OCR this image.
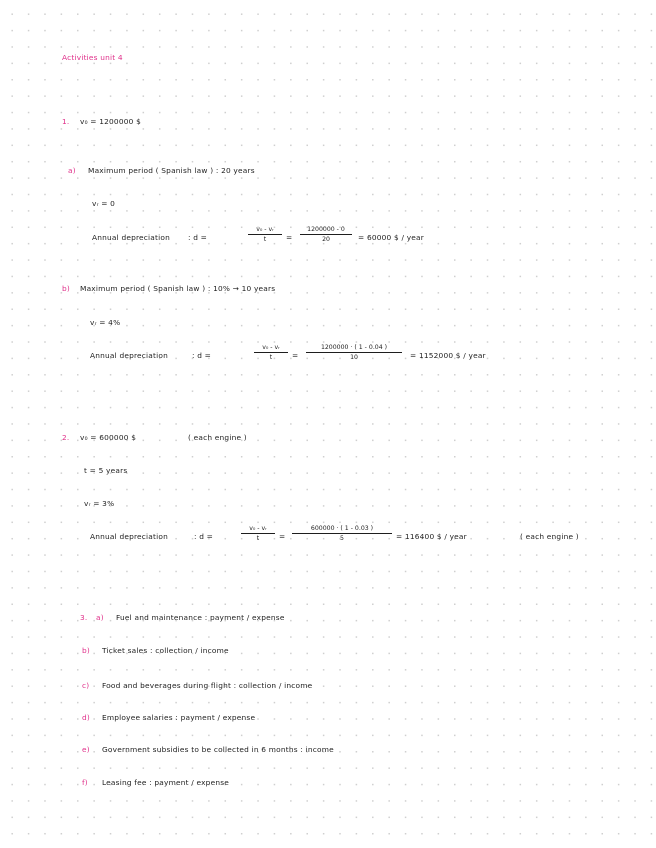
Activities unit 4
1. v₀ = 1200000 $
a) Maximum period ( Spanish law ) : 20 years
vᵣ = 0
Annual depreciation : d =
v₀ - vᵣ
t	=
1200000 - 0
20	= 60000 $ / year
b) Maximum period ( Spanish law ) : 10% → 10 years
vᵣ = 4%
Annual depreciation	: d =
v₀ - vᵣ
t	=
1200000 · ( 1 - 0.04 )
10	= 1152000 $ / year
2. v₀ = 600000 $	( each engine )
t = 5 years
vᵣ = 3%
Annual depreciation	: d =
v₀ - vᵣ
t	=
600000 · ( 1 - 0.03 )
5	= 116400 $ / year	( each engine )
3. a) Fuel and maintenance : payment / expense
b) Ticket sales : collection / income
c) Food and beverages during flight : collection / income
d) Employee salaries : payment / expense
e) Government subsidies to be collected in 6 months : income
f) Leasing fee : payment / expense
